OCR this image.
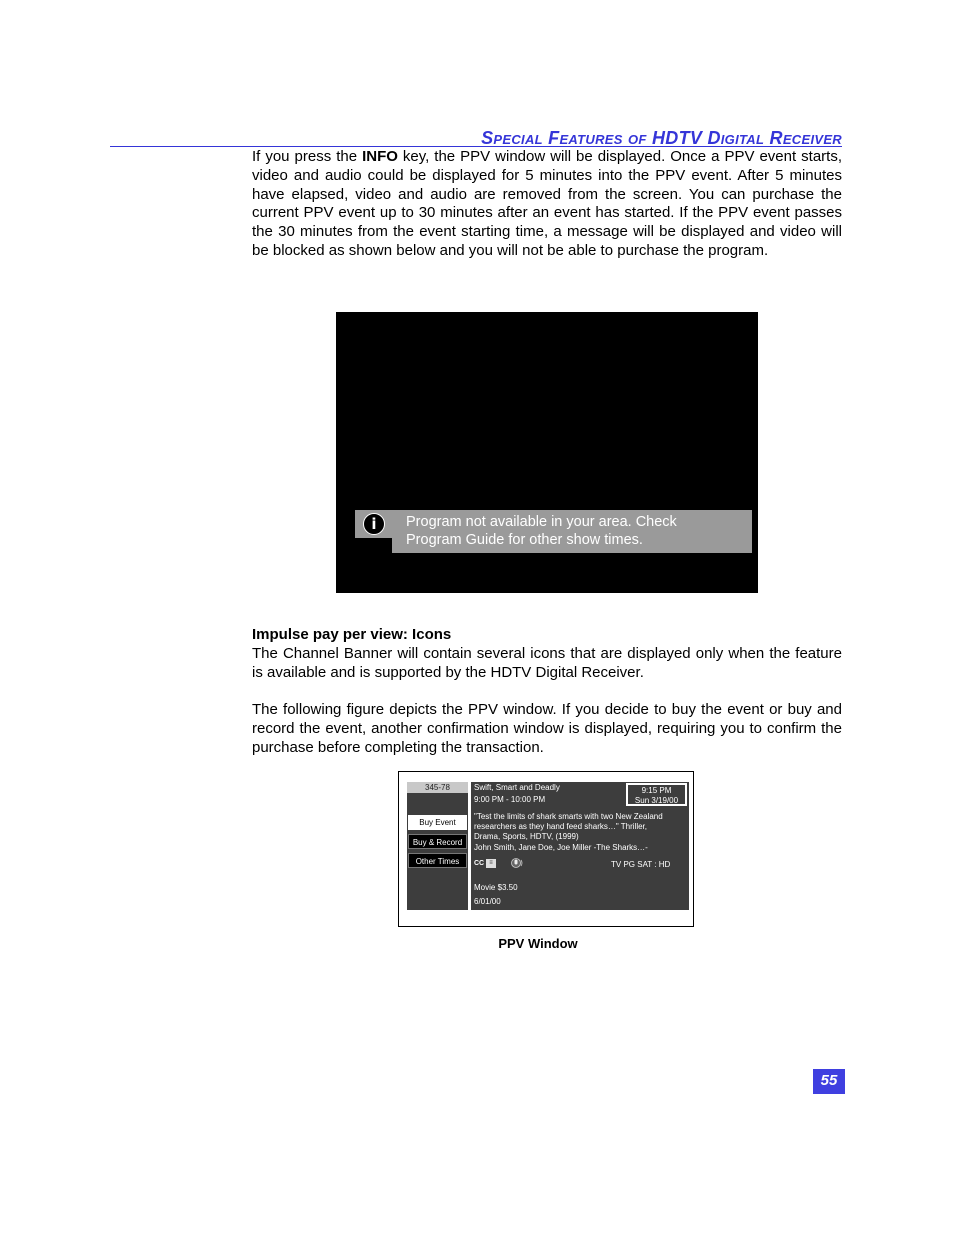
Special Features of HDTV Digital Receiver

If you press the INFO key, the PPV window will be displayed. Once a PPV event starts, video and audio could be displayed for 5 minutes into the PPV event. After 5 minutes have elapsed, video and audio are removed from the screen. You can purchase the current PPV event up to 30 minutes after an event has started. If the PPV event passes the 30 minutes from the event starting time, a message will be displayed and video will be blocked as shown below and you will not be able to purchase the program.

i	Program not available in your area. Check
Program Guide for other show times.
Impulse pay per view: Icons

The Channel Banner will contain several icons that are displayed only when the feature is available and is supported by the HDTV Digital Receiver.

The following figure depicts the PPV window. If you decide to buy the event or buy and record the event, another confirmation window is displayed, requiring you to confirm the purchase before completing the transaction.

345-78
Buy Event
Buy & Record
Other Times
Swift, Smart and Deadly
9:00 PM - 10:00 PM
9:15 PM
Sun 3/19/00
"Test the limits of shark smarts with two New Zealand
researchers as they hand feed sharks…" Thriller,
Drama, Sports, HDTV, (1999)
John Smith, Jane Doe, Joe Miller -The Sharks…-
CC ≡	TV PG SAT : HD
Movie $3.50
6/01/00
PPV Window
55
